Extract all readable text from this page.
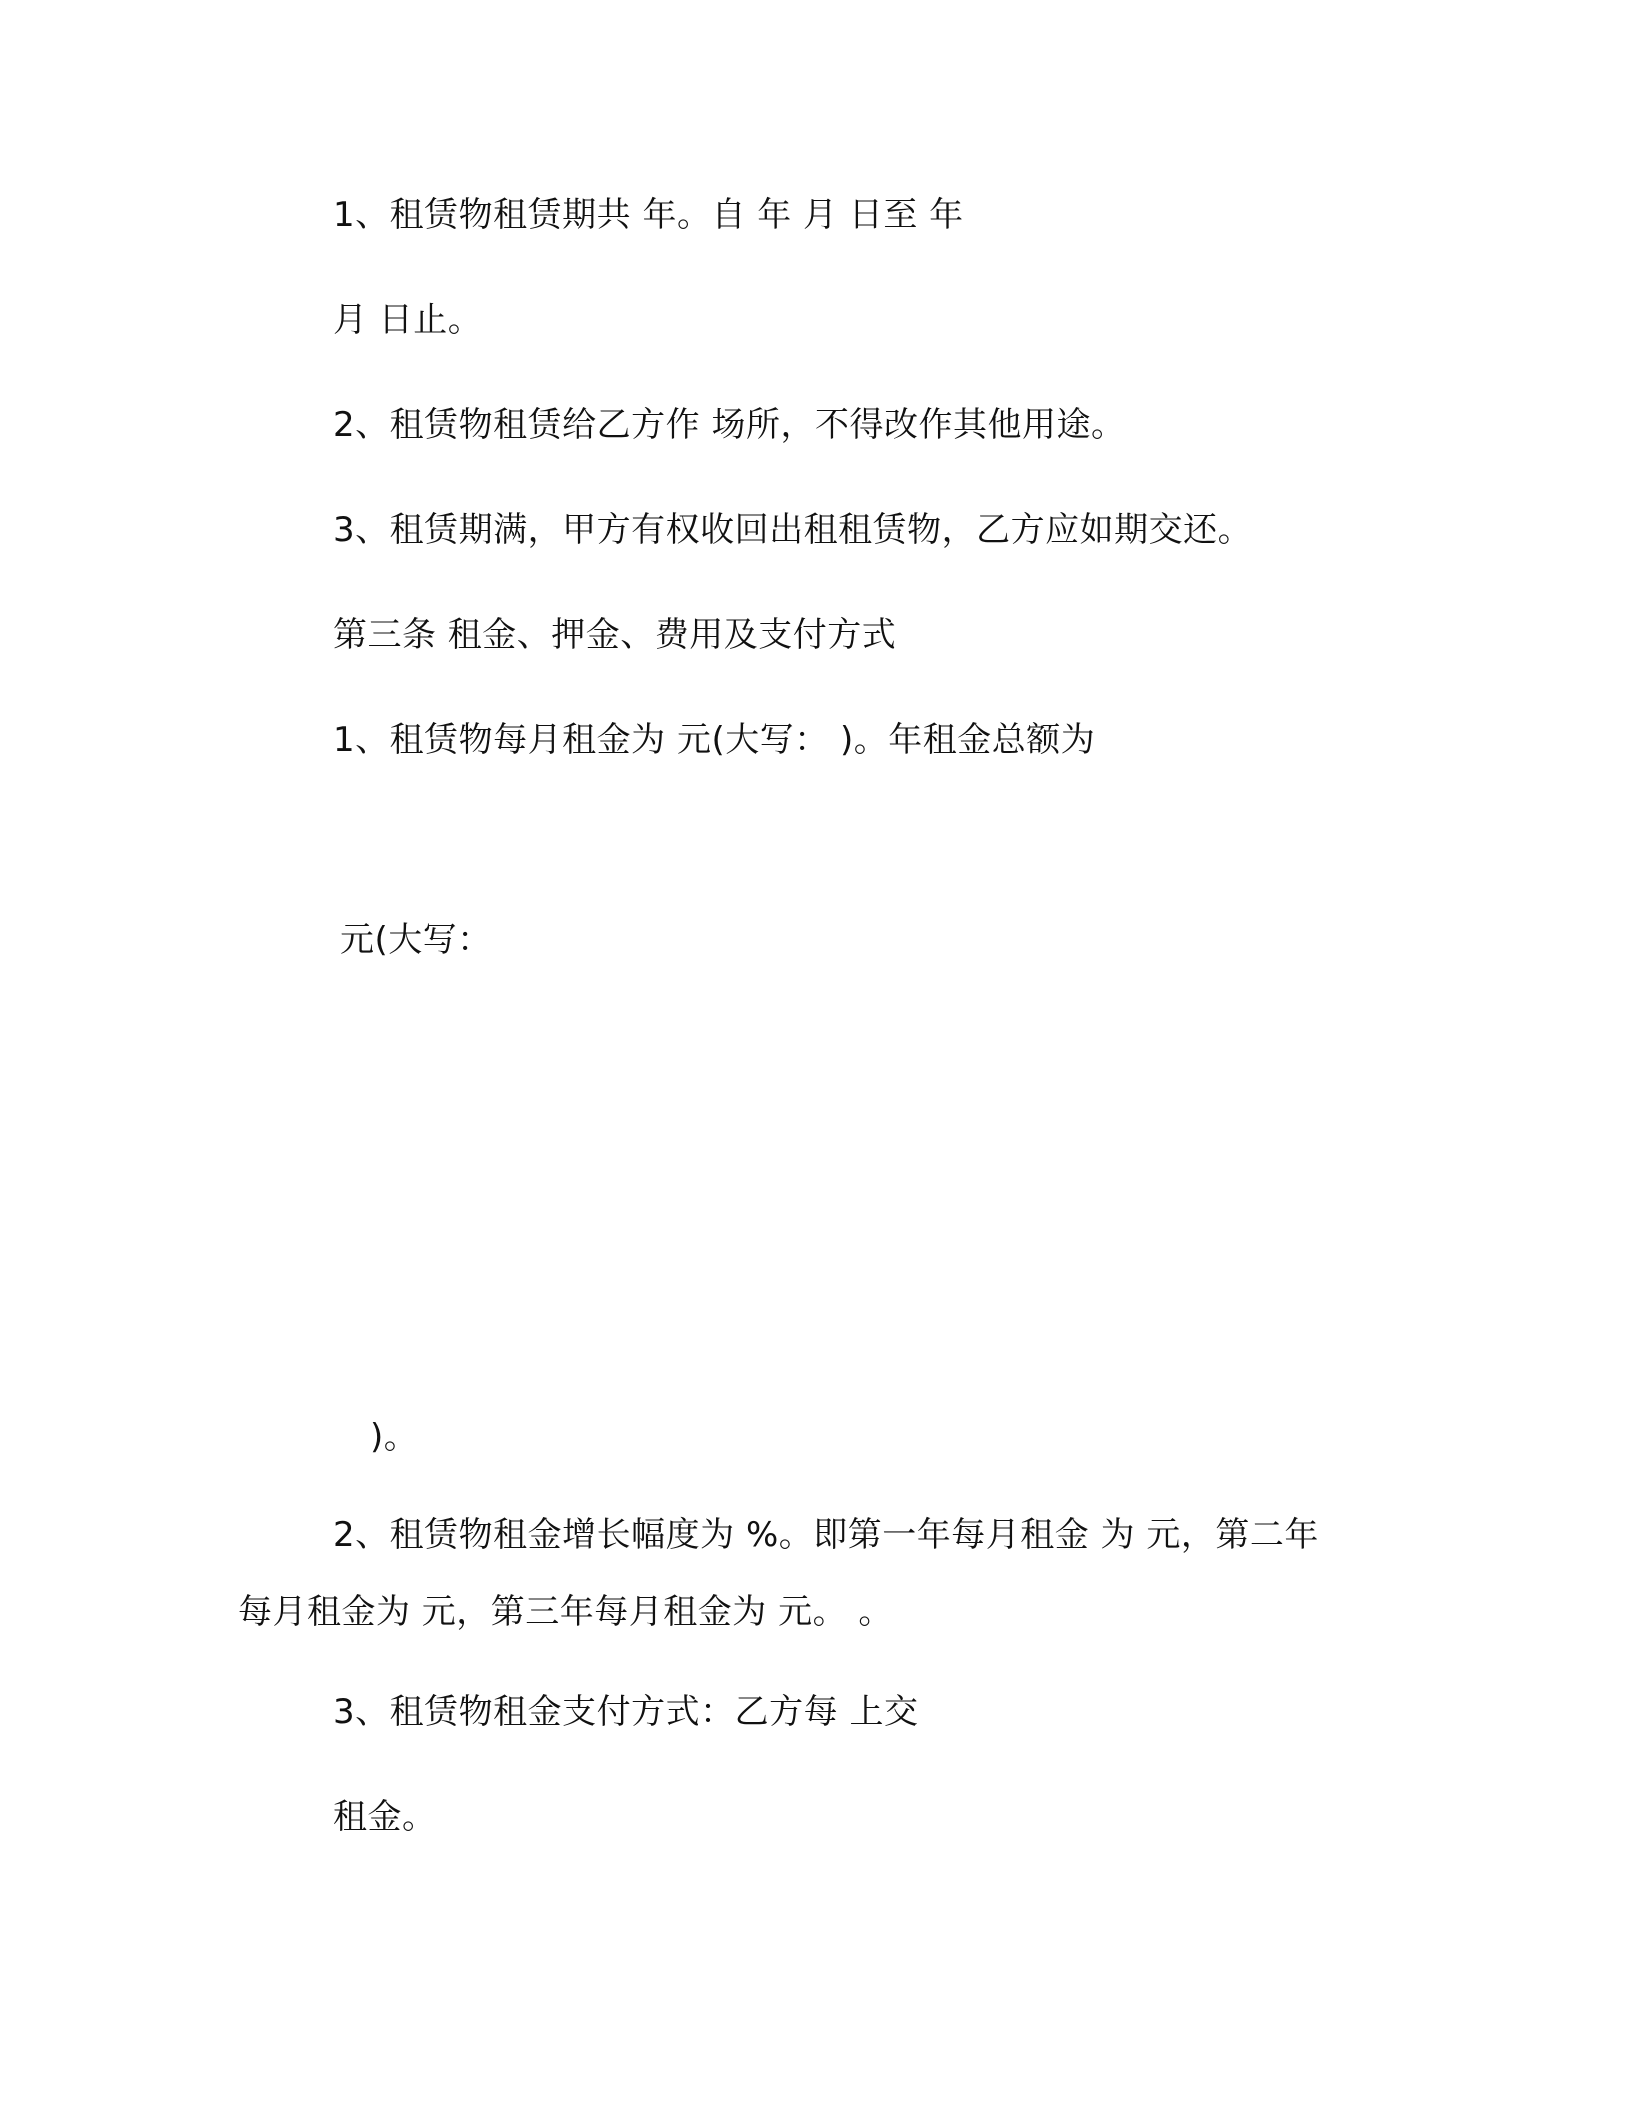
1、租赁物租赁期共 年。自 年 月 日至 年
月 日止。
2、租赁物租赁给乙方作 场所，不得改作其他用途。
3、租赁期满，甲方有权收回出租租赁物，乙方应如期交还。
第三条 租金、押金、费用及支付方式
1、租赁物每月租金为 元(大写： )。年租金总额为
元(大写：
)。
2、租赁物租金增长幅度为 %。即第一年每月租金 为 元，第二年
每月租金为 元，第三年每月租金为 元。 。
3、租赁物租金支付方式：乙方每 上交
租金。
